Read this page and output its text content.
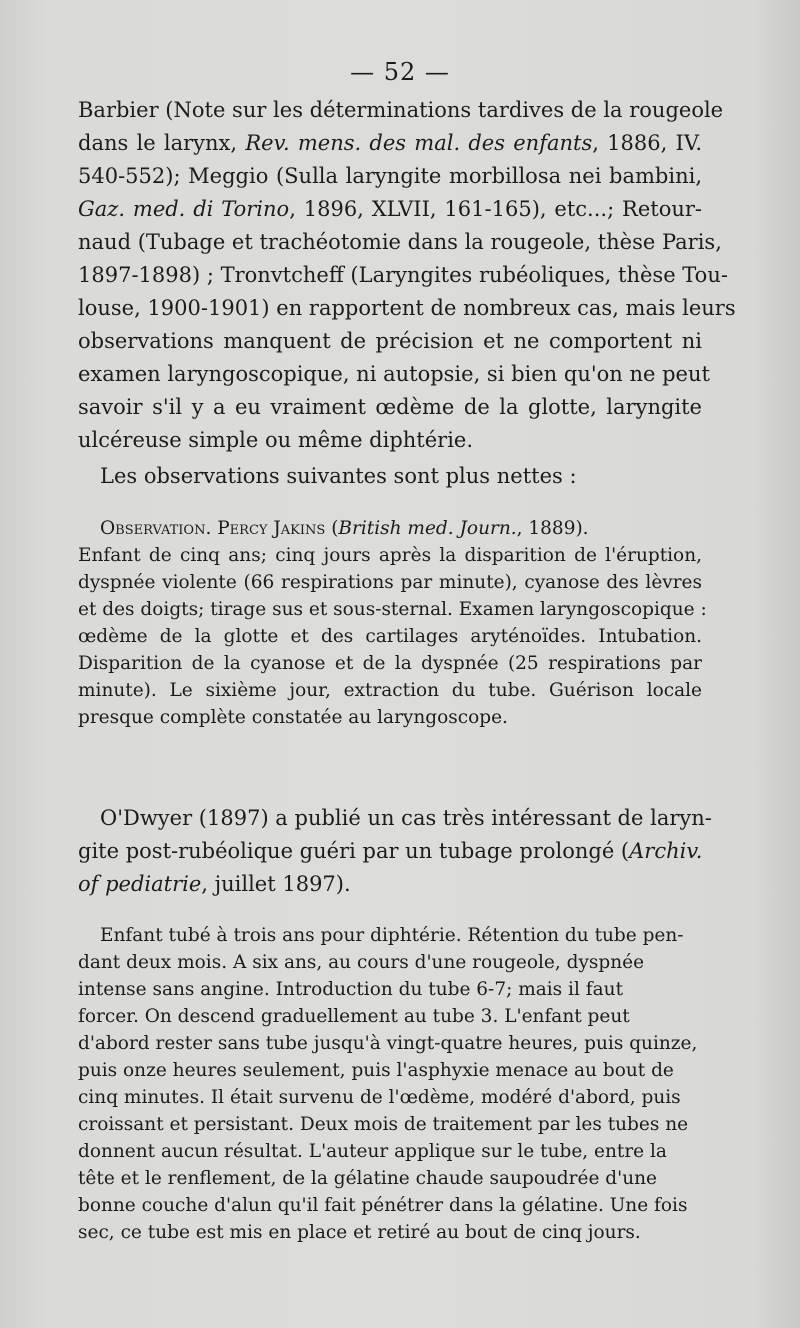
— 52 —
Barbier (Note sur les déterminations tardives de la rougeole
dans le larynx, Rev. mens. des mal. des enfants, 1886, IV.
540-552); Meggio (Sulla laryngite morbillosa nei bambini,
Gaz. med. di Torino, 1896, XLVII, 161-165), etc...; Retour-
naud (Tubage et trachéotomie dans la rougeole, thèse Paris,
1897-1898) ; Tronvtcheff (Laryngites rubéoliques, thèse Tou-
louse, 1900-1901) en rapportent de nombreux cas, mais leurs
observations manquent de précision et ne comportent ni
examen laryngoscopique, ni autopsie, si bien qu'on ne peut
savoir s'il y a eu vraiment œdème de la glotte, laryngite
ulcéreuse simple ou même diphtérie.
Les observations suivantes sont plus nettes :
Observation. Percy Jakins (British med. Journ., 1889).
Enfant de cinq ans; cinq jours après la disparition de l'éruption,
dyspnée violente (66 respirations par minute), cyanose des lèvres
et des doigts; tirage sus et sous-sternal. Examen laryngoscopique :
œdème de la glotte et des cartilages aryténoïdes. Intubation.
Disparition de la cyanose et de la dyspnée (25 respirations par
minute). Le sixième jour, extraction du tube. Guérison locale
presque complète constatée au laryngoscope.
O'Dwyer (1897) a publié un cas très intéressant de laryn-
gite post-rubéolique guéri par un tubage prolongé (Archiv.
of pediatrie, juillet 1897).
Enfant tubé à trois ans pour diphtérie. Rétention du tube pen-
dant deux mois. A six ans, au cours d'une rougeole, dyspnée
intense sans angine. Introduction du tube 6-7; mais il faut
forcer. On descend graduellement au tube 3. L'enfant peut
d'abord rester sans tube jusqu'à vingt-quatre heures, puis quinze,
puis onze heures seulement, puis l'asphyxie menace au bout de
cinq minutes. Il était survenu de l'œdème, modéré d'abord, puis
croissant et persistant. Deux mois de traitement par les tubes ne
donnent aucun résultat. L'auteur applique sur le tube, entre la
tête et le renflement, de la gélatine chaude saupoudrée d'une
bonne couche d'alun qu'il fait pénétrer dans la gélatine. Une fois
sec, ce tube est mis en place et retiré au bout de cinq jours.
